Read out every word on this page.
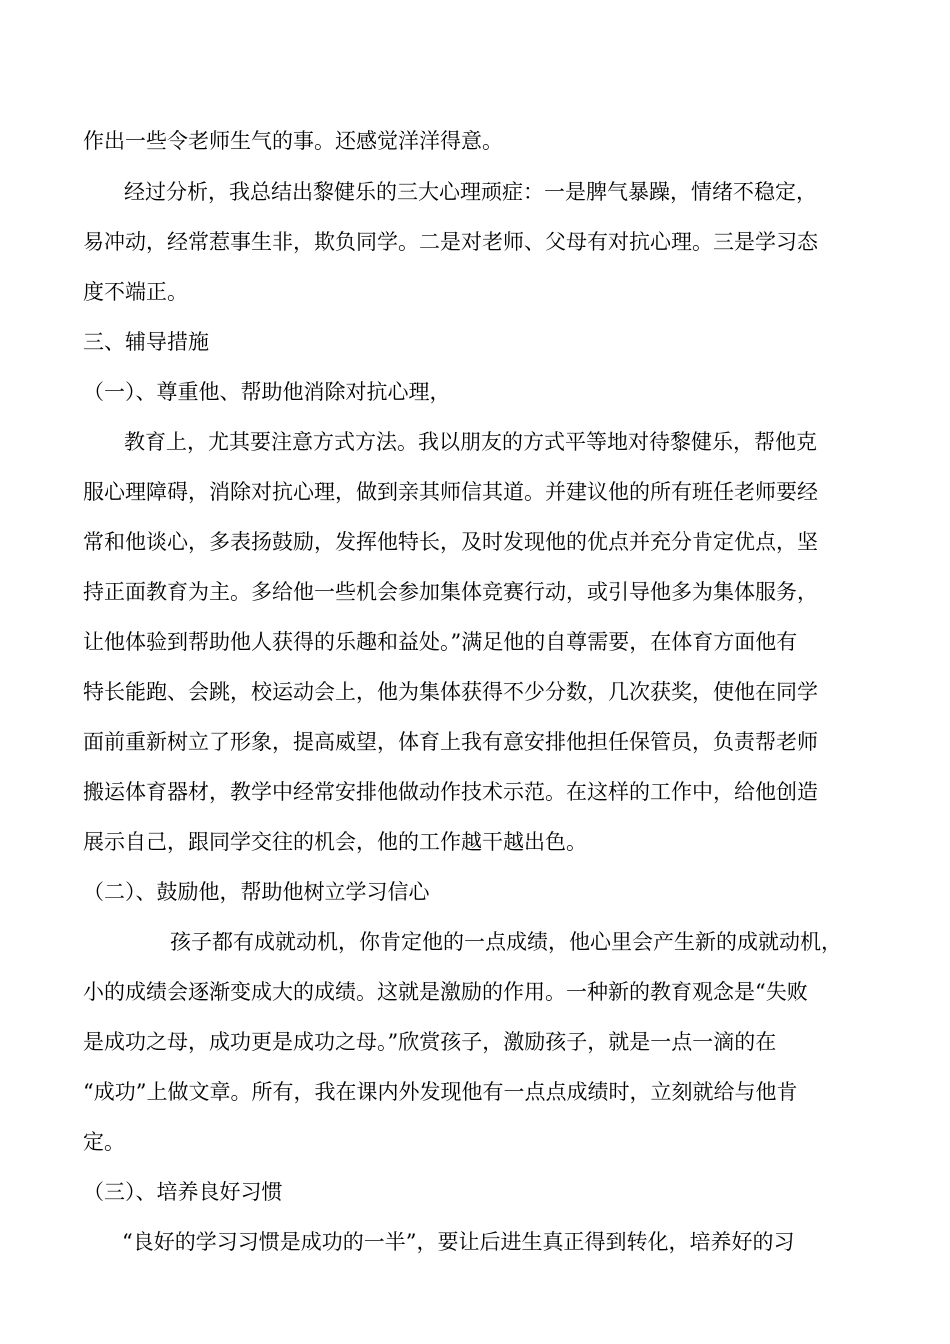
作出一些令老师生气的事。还感觉洋洋得意。

经过分析，我总结出黎健乐的三大心理顽症：一是脾气暴躁，情绪不稳定，

易冲动，经常惹事生非，欺负同学。二是对老师、父母有对抗心理。三是学习态

度不端正。

三、辅导措施

（一）、尊重他、帮助他消除对抗心理，

教育上，尤其要注意方式方法。我以朋友的方式平等地对待黎健乐，帮他克

服心理障碍，消除对抗心理，做到亲其师信其道。并建议他的所有班任老师要经

常和他谈心，多表扬鼓励，发挥他特长，及时发现他的优点并充分肯定优点，坚

持正面教育为主。多给他一些机会参加集体竞赛行动，或引导他多为集体服务，

让他体验到帮助他人获得的乐趣和益处。”满足他的自尊需要，在体育方面他有

特长能跑、会跳，校运动会上，他为集体获得不少分数，几次获奖，使他在同学

面前重新树立了形象，提高威望，体育上我有意安排他担任保管员，负责帮老师

搬运体育器材，教学中经常安排他做动作技术示范。在这样的工作中，给他创造

展示自己，跟同学交往的机会，他的工作越干越出色。

（二）、鼓励他，帮助他树立学习信心

孩子都有成就动机，你肯定他的一点成绩，他心里会产生新的成就动机，

小的成绩会逐渐变成大的成绩。这就是激励的作用。一种新的教育观念是“失败

是成功之母，成功更是成功之母。”欣赏孩子，激励孩子，就是一点一滴的在

“成功”上做文章。所有，我在课内外发现他有一点点成绩时，立刻就给与他肯

定。

（三）、培养良好习惯

“良好的学习习惯是成功的一半”，要让后进生真正得到转化，培养好的习
